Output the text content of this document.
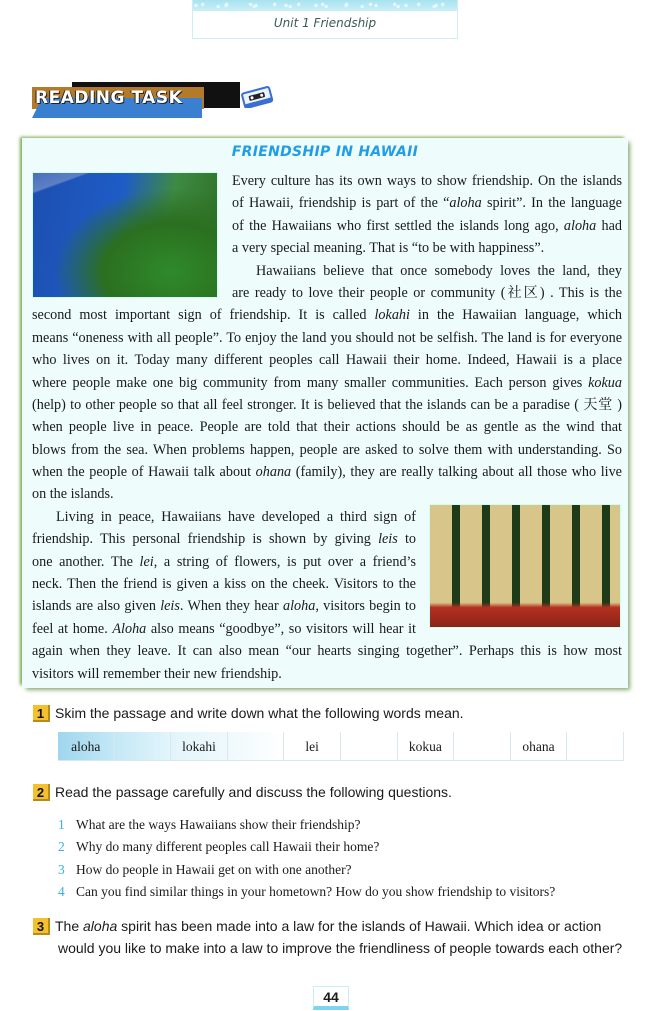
Unit 1 Friendship
READING TASK
FRIENDSHIP IN HAWAII
Every culture has its own ways to show friendship. On the islands
of Hawaii, friendship is part of the “aloha spirit”. In the language
of the Hawaiians who first settled the islands long ago, aloha had
a very special meaning. That is “to be with happiness”.
Hawaiians believe that once somebody loves the land, they
are ready to love their people or community (社区) . This is the
second most important sign of friendship. It is called lokahi in the Hawaiian language, which
means “oneness with all people”. To enjoy the land you should not be selfish. The land is for everyone
who lives on it. Today many different peoples call Hawaii their home. Indeed, Hawaii is a place
where people make one big community from many smaller communities. Each person gives kokua
(help) to other people so that all feel stronger. It is believed that the islands can be a paradise ( 天堂 )
when people live in peace. People are told that their actions should be as gentle as the wind that
blows from the sea. When problems happen, people are asked to solve them with understanding. So
when the people of Hawaii talk about ohana (family), they are really talking about all those who live
on the islands.
Living in peace, Hawaiians have developed a third sign of
friendship. This personal friendship is shown by giving leis to
one another. The lei, a string of flowers, is put over a friend’s
neck. Then the friend is given a kiss on the cheek. Visitors to the
islands are also given leis. When they hear aloha, visitors begin to
feel at home. Aloha also means “goodbye”, so visitors will hear it
again when they leave. It can also mean “our hearts singing together”. Perhaps this is how most
visitors will remember their new friendship.
1 Skim the passage and write down what the following words mean.
aloha	lokahi	lei	kokua	ohana
2 Read the passage carefully and discuss the following questions.
1 What are the ways Hawaiians show their friendship?
2 Why do many different peoples call Hawaii their home?
3 How do people in Hawaii get on with one another?
4 Can you find similar things in your hometown? How do you show friendship to visitors?
3 The aloha spirit has been made into a law for the islands of Hawaii. Which idea or action
would you like to make into a law to improve the friendliness of people towards each other?
44
